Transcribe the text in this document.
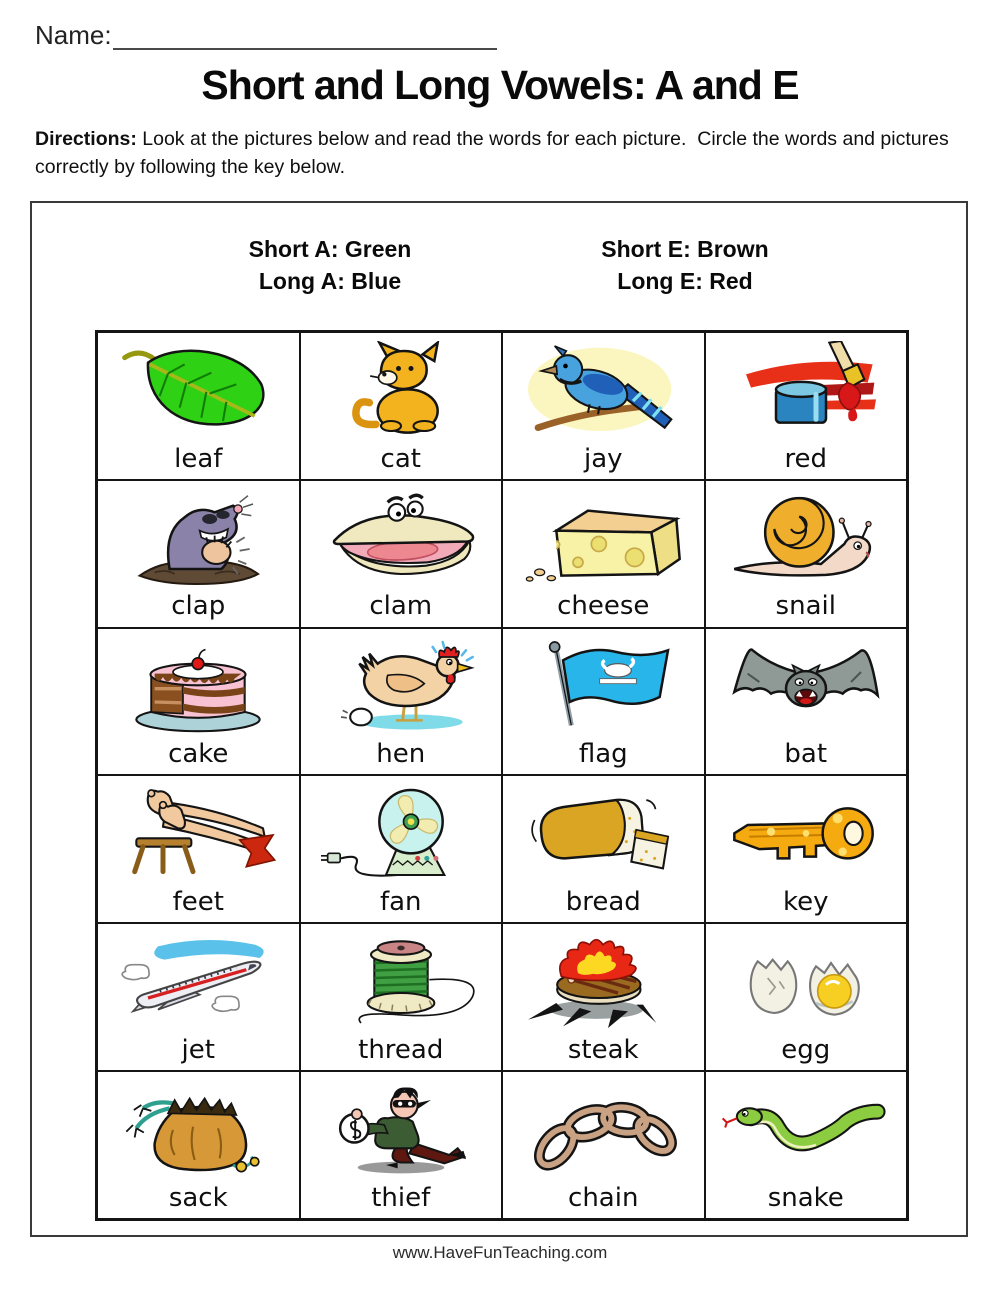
Name:
Short and Long Vowels: A and E
Directions: Look at the pictures below and read the words for each picture.  Circle the words and pictures correctly by following the key below.
Short A: Green
Long A: Blue
Short E: Brown
Long E: Red
leaf	cat	jay	red
clap	clam	cheese	snail
cake	hen	flag	bat
feet	fan	bread	key
jet	thread	steak	egg
sack	thief	chain	snake
www.HaveFunTeaching.com
